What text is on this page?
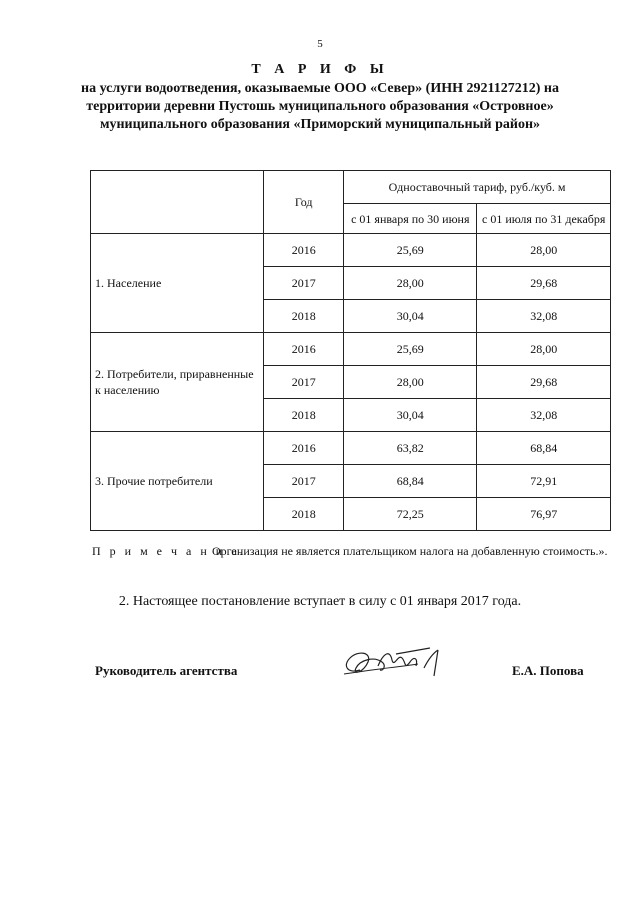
5
Т А Р И Ф Ы
на услуги водоотведения, оказываемые ООО «Север» (ИНН 2921127212) на территории деревни Пустошь муниципального образования «Островное» муниципального образования «Приморский муниципальный район»
	Год	Одноставочный тариф, руб./куб. м	
		с 01 января по 30 июня	с 01 июля по 31 декабря
1. Население	2016	25,69	28,00
	2017	28,00	29,68
	2018	30,04	32,08
2. Потребители, приравненные к населению	2016	25,69	28,00
	2017	28,00	29,68
	2018	30,04	32,08
3. Прочие потребители	2016	63,82	68,84
	2017	68,84	72,91
	2018	72,25	76,97
П р и м е ч а н и е.
Организация не является плательщиком налога на добавленную стоимость.».
2. Настоящее постановление вступает в силу с 01 января 2017 года.
Руководитель агентства	Е.А. Попова
